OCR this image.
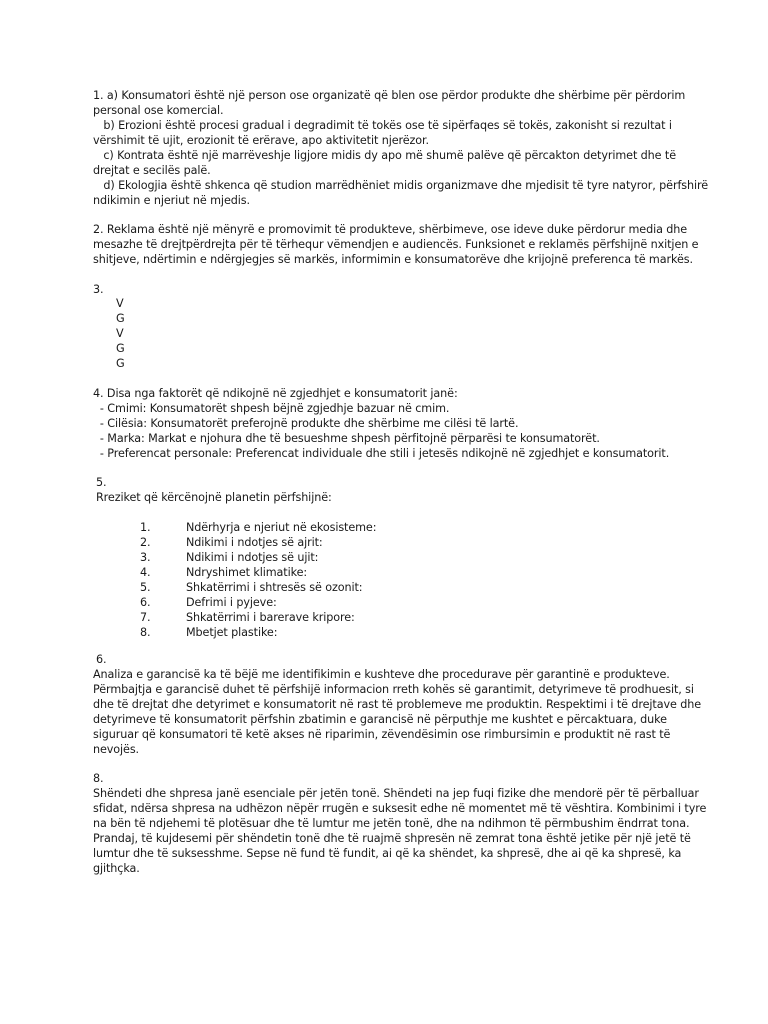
1. a) Konsumatori është një person ose organizatë që blen ose përdor produkte dhe shërbime për përdorim
personal ose komercial.
b) Erozioni është procesi gradual i degradimit të tokës ose të sipërfaqes së tokës, zakonisht si rezultat i
vërshimit të ujit, erozionit të erërave, apo aktivitetit njerëzor.
c) Kontrata është një marrëveshje ligjore midis dy apo më shumë palëve që përcakton detyrimet dhe të
drejtat e secilës palë.
d) Ekologjia është shkenca që studion marrëdhëniet midis organizmave dhe mjedisit të tyre natyror, përfshirë
ndikimin e njeriut në mjedis.
2. Reklama është një mënyrë e promovimit të produkteve, shërbimeve, ose ideve duke përdorur media dhe
mesazhe të drejtpërdrejta për të tërhequr vëmendjen e audiencës. Funksionet e reklamës përfshijnë nxitjen e
shitjeve, ndërtimin e ndërgjegjes së markës, informimin e konsumatorëve dhe krijojnë preferenca të markës.
3.
V
G
V
G
G
4. Disa nga faktorët që ndikojnë në zgjedhjet e konsumatorit janë:
- Cmimi: Konsumatorët shpesh bëjnë zgjedhje bazuar në cmim.
- Cilësia: Konsumatorët preferojnë produkte dhe shërbime me cilësi të lartë.
- Marka: Markat e njohura dhe të besueshme shpesh përfitojnë përparësi te konsumatorët.
- Preferencat personale: Preferencat individuale dhe stili i jetesës ndikojnë në zgjedhjet e konsumatorit.
5.
Rreziket që kërcënojnë planetin përfshijnë:
1.	Ndërhyrja e njeriut në ekosisteme:
2.	Ndikimi i ndotjes së ajrit:
3.	Ndikimi i ndotjes së ujit:
4.	Ndryshimet klimatike:
5.	Shkatërrimi i shtresës së ozonit:
6.	Defrimi i pyjeve:
7.	Shkatërrimi i barerave kripore:
8.	Mbetjet plastike:
6.
Analiza e garancisë ka të bëjë me identifikimin e kushteve dhe procedurave për garantinë e produkteve.
Përmbajtja e garancisë duhet të përfshijë informacion rreth kohës së garantimit, detyrimeve të prodhuesit, si
dhe të drejtat dhe detyrimet e konsumatorit në rast të problemeve me produktin. Respektimi i të drejtave dhe
detyrimeve të konsumatorit përfshin zbatimin e garancisë në përputhje me kushtet e përcaktuara, duke
siguruar që konsumatori të ketë akses në riparimin, zëvendësimin ose rimbursimin e produktit në rast të
nevojës.
8.
Shëndeti dhe shpresa janë esenciale për jetën tonë. Shëndeti na jep fuqi fizike dhe mendorë për të përballuar
sfidat, ndërsa shpresa na udhëzon nëpër rrugën e suksesit edhe në momentet më të vështira. Kombinimi i tyre
na bën të ndjehemi të plotësuar dhe të lumtur me jetën tonë, dhe na ndihmon të përmbushim ëndrrat tona.
Prandaj, të kujdesemi për shëndetin tonë dhe të ruajmë shpresën në zemrat tona është jetike për një jetë të
lumtur dhe të suksesshme. Sepse në fund të fundit, ai që ka shëndet, ka shpresë, dhe ai që ka shpresë, ka
gjithçka.
